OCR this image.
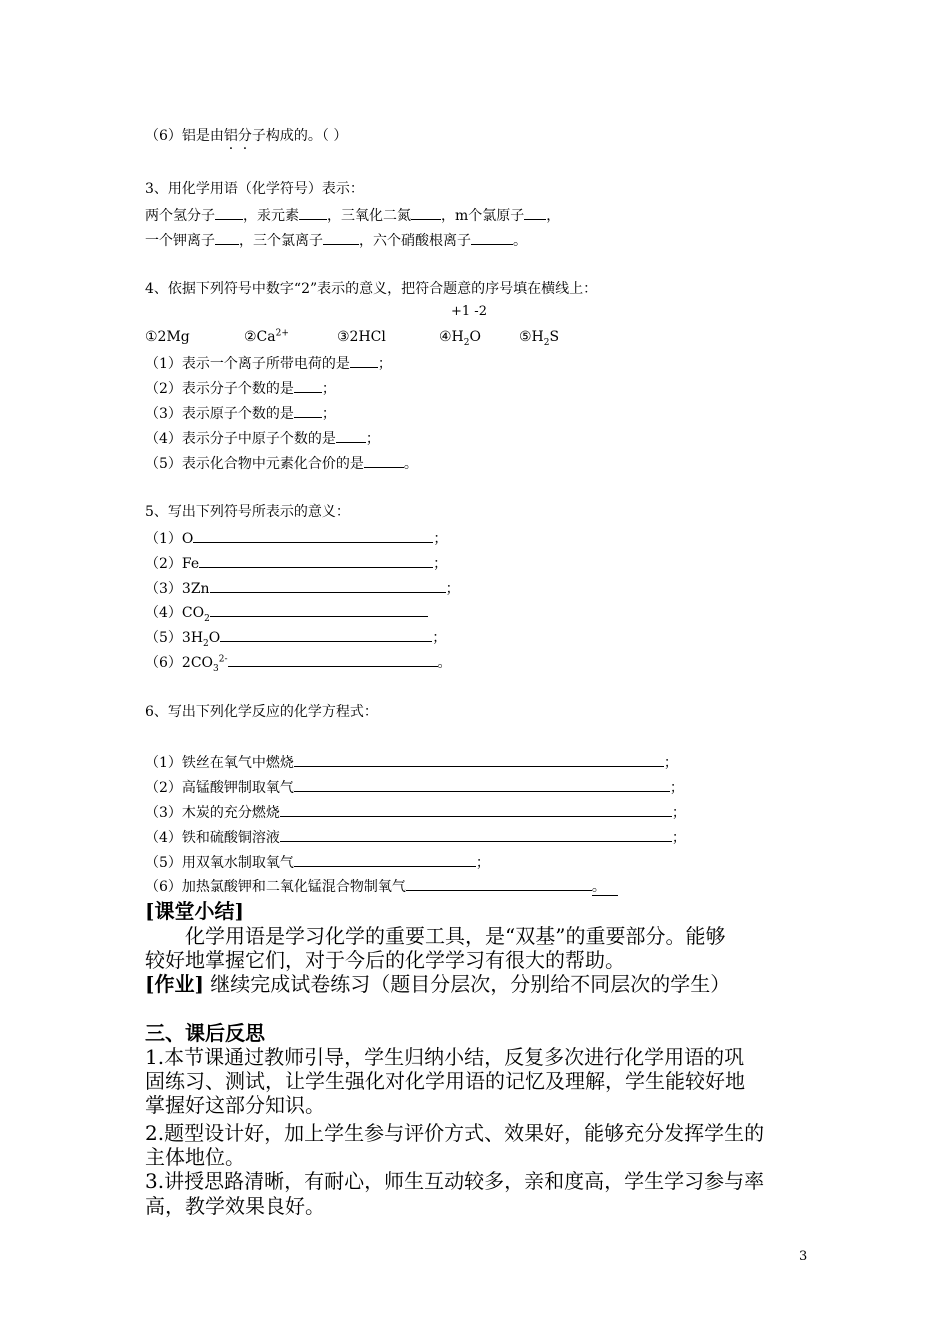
（6）铝是由铝分子构成的。（ ）
3、用化学用语（化学符号）表示：
两个氢分子 ，汞元素 ，三氧化二氮 ，m个氯原子 ，
一个钾离子 ，三个氯离子	，六个硝酸根离子	。
4、依据下列符号中数字“2”表示的意义，把符合题意的序号填在横线上：
+1 -2
①2Mg	$②Ca^{2+}$	③2HCl	$④H_2O$	$⑤H_2S$
（1）表示一个离子所带电荷的是 ；
（2）表示分子个数的是 ；
（3）表示原子个数的是 ；
（4）表示分子中原子个数的是 ；
（5）表示化合物中元素化合价的是	。
5、写出下列符号所表示的意义：
（1）O	；
（2）Fe	；
（3）3Zn	；
$(4)CO_2$
$(5)3H_2O$	；
$(6)2CO_3^{2-}$	。
6、写出下列化学反应的化学方程式：
（1）铁丝在氧气中燃烧	；
（2）高锰酸钾制取氧气	；
（3）木炭的充分燃烧	；
（4）铁和硫酸铜溶液	；
（5）用双氧水制取氧气	；
（6）加热氯酸钾和二氧化锰混合物制氧气	。
[课堂小结]
化学用语是学习化学的重要工具，是“双基”的重要部分。能够
较好地掌握它们，对于今后的化学学习有很大的帮助。
[作业] 继续完成试卷练习（题目分层次，分别给不同层次的学生）
三、课后反思
1.本节课通过教师引导，学生归纳小结，反复多次进行化学用语的巩
固练习、测试，让学生强化对化学用语的记忆及理解，学生能较好地
掌握好这部分知识。
2.题型设计好，加上学生参与评价方式、效果好，能够充分发挥学生的
主体地位。
3.讲授思路清晰，有耐心，师生互动较多，亲和度高，学生学习参与率
高，教学效果良好。
3
